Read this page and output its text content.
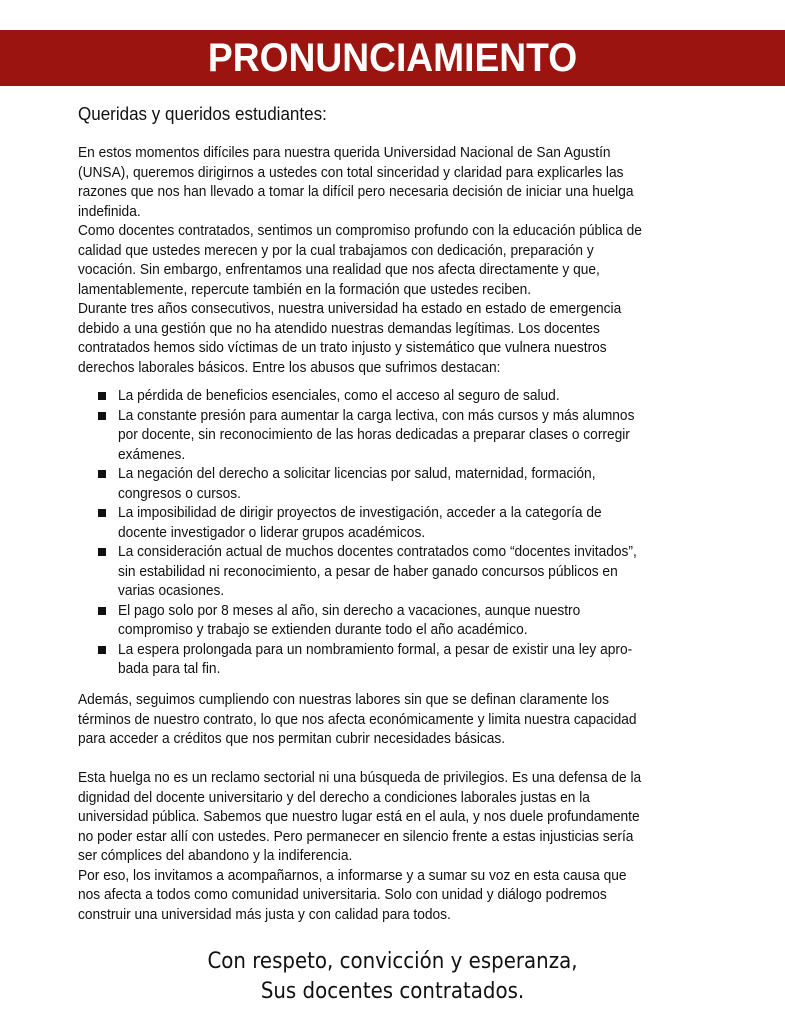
PRONUNCIAMIENTO
Queridas y queridos estudiantes:
En estos momentos difíciles para nuestra querida Universidad Nacional de San Agustín
(UNSA), queremos dirigirnos a ustedes con total sinceridad y claridad para explicarles las
razones que nos han llevado a tomar la difícil pero necesaria decisión de iniciar una huelga
indefinida.
Como docentes contratados, sentimos un compromiso profundo con la educación pública de
calidad que ustedes merecen y por la cual trabajamos con dedicación, preparación y
vocación. Sin embargo, enfrentamos una realidad que nos afecta directamente y que,
lamentablemente, repercute también en la formación que ustedes reciben.
Durante tres años consecutivos, nuestra universidad ha estado en estado de emergencia
debido a una gestión que no ha atendido nuestras demandas legítimas. Los docentes
contratados hemos sido víctimas de un trato injusto y sistemático que vulnera nuestros
derechos laborales básicos. Entre los abusos que sufrimos destacan:
La pérdida de beneficios esenciales, como el acceso al seguro de salud.
La constante presión para aumentar la carga lectiva, con más cursos y más alumnos
por docente, sin reconocimiento de las horas dedicadas a preparar clases o corregir
exámenes.
La negación del derecho a solicitar licencias por salud, maternidad, formación,
congresos o cursos.
La imposibilidad de dirigir proyectos de investigación, acceder a la categoría de
docente investigador o liderar grupos académicos.
La consideración actual de muchos docentes contratados como “docentes invitados”,
sin estabilidad ni reconocimiento, a pesar de haber ganado concursos públicos en
varias ocasiones.
El pago solo por 8 meses al año, sin derecho a vacaciones, aunque nuestro
compromiso y trabajo se extienden durante todo el año académico.
La espera prolongada para un nombramiento formal, a pesar de existir una ley apro-
bada para tal fin.
Además, seguimos cumpliendo con nuestras labores sin que se definan claramente los
términos de nuestro contrato, lo que nos afecta económicamente y limita nuestra capacidad
para acceder a créditos que nos permitan cubrir necesidades básicas.
Esta huelga no es un reclamo sectorial ni una búsqueda de privilegios. Es una defensa de la
dignidad del docente universitario y del derecho a condiciones laborales justas en la
universidad pública. Sabemos que nuestro lugar está en el aula, y nos duele profundamente
no poder estar allí con ustedes. Pero permanecer en silencio frente a estas injusticias sería
ser cómplices del abandono y la indiferencia.
Por eso, los invitamos a acompañarnos, a informarse y a sumar su voz en esta causa que
nos afecta a todos como comunidad universitaria. Solo con unidad y diálogo podremos
construir una universidad más justa y con calidad para todos.
Con respeto, convicción y esperanza,
Sus docentes contratados.
